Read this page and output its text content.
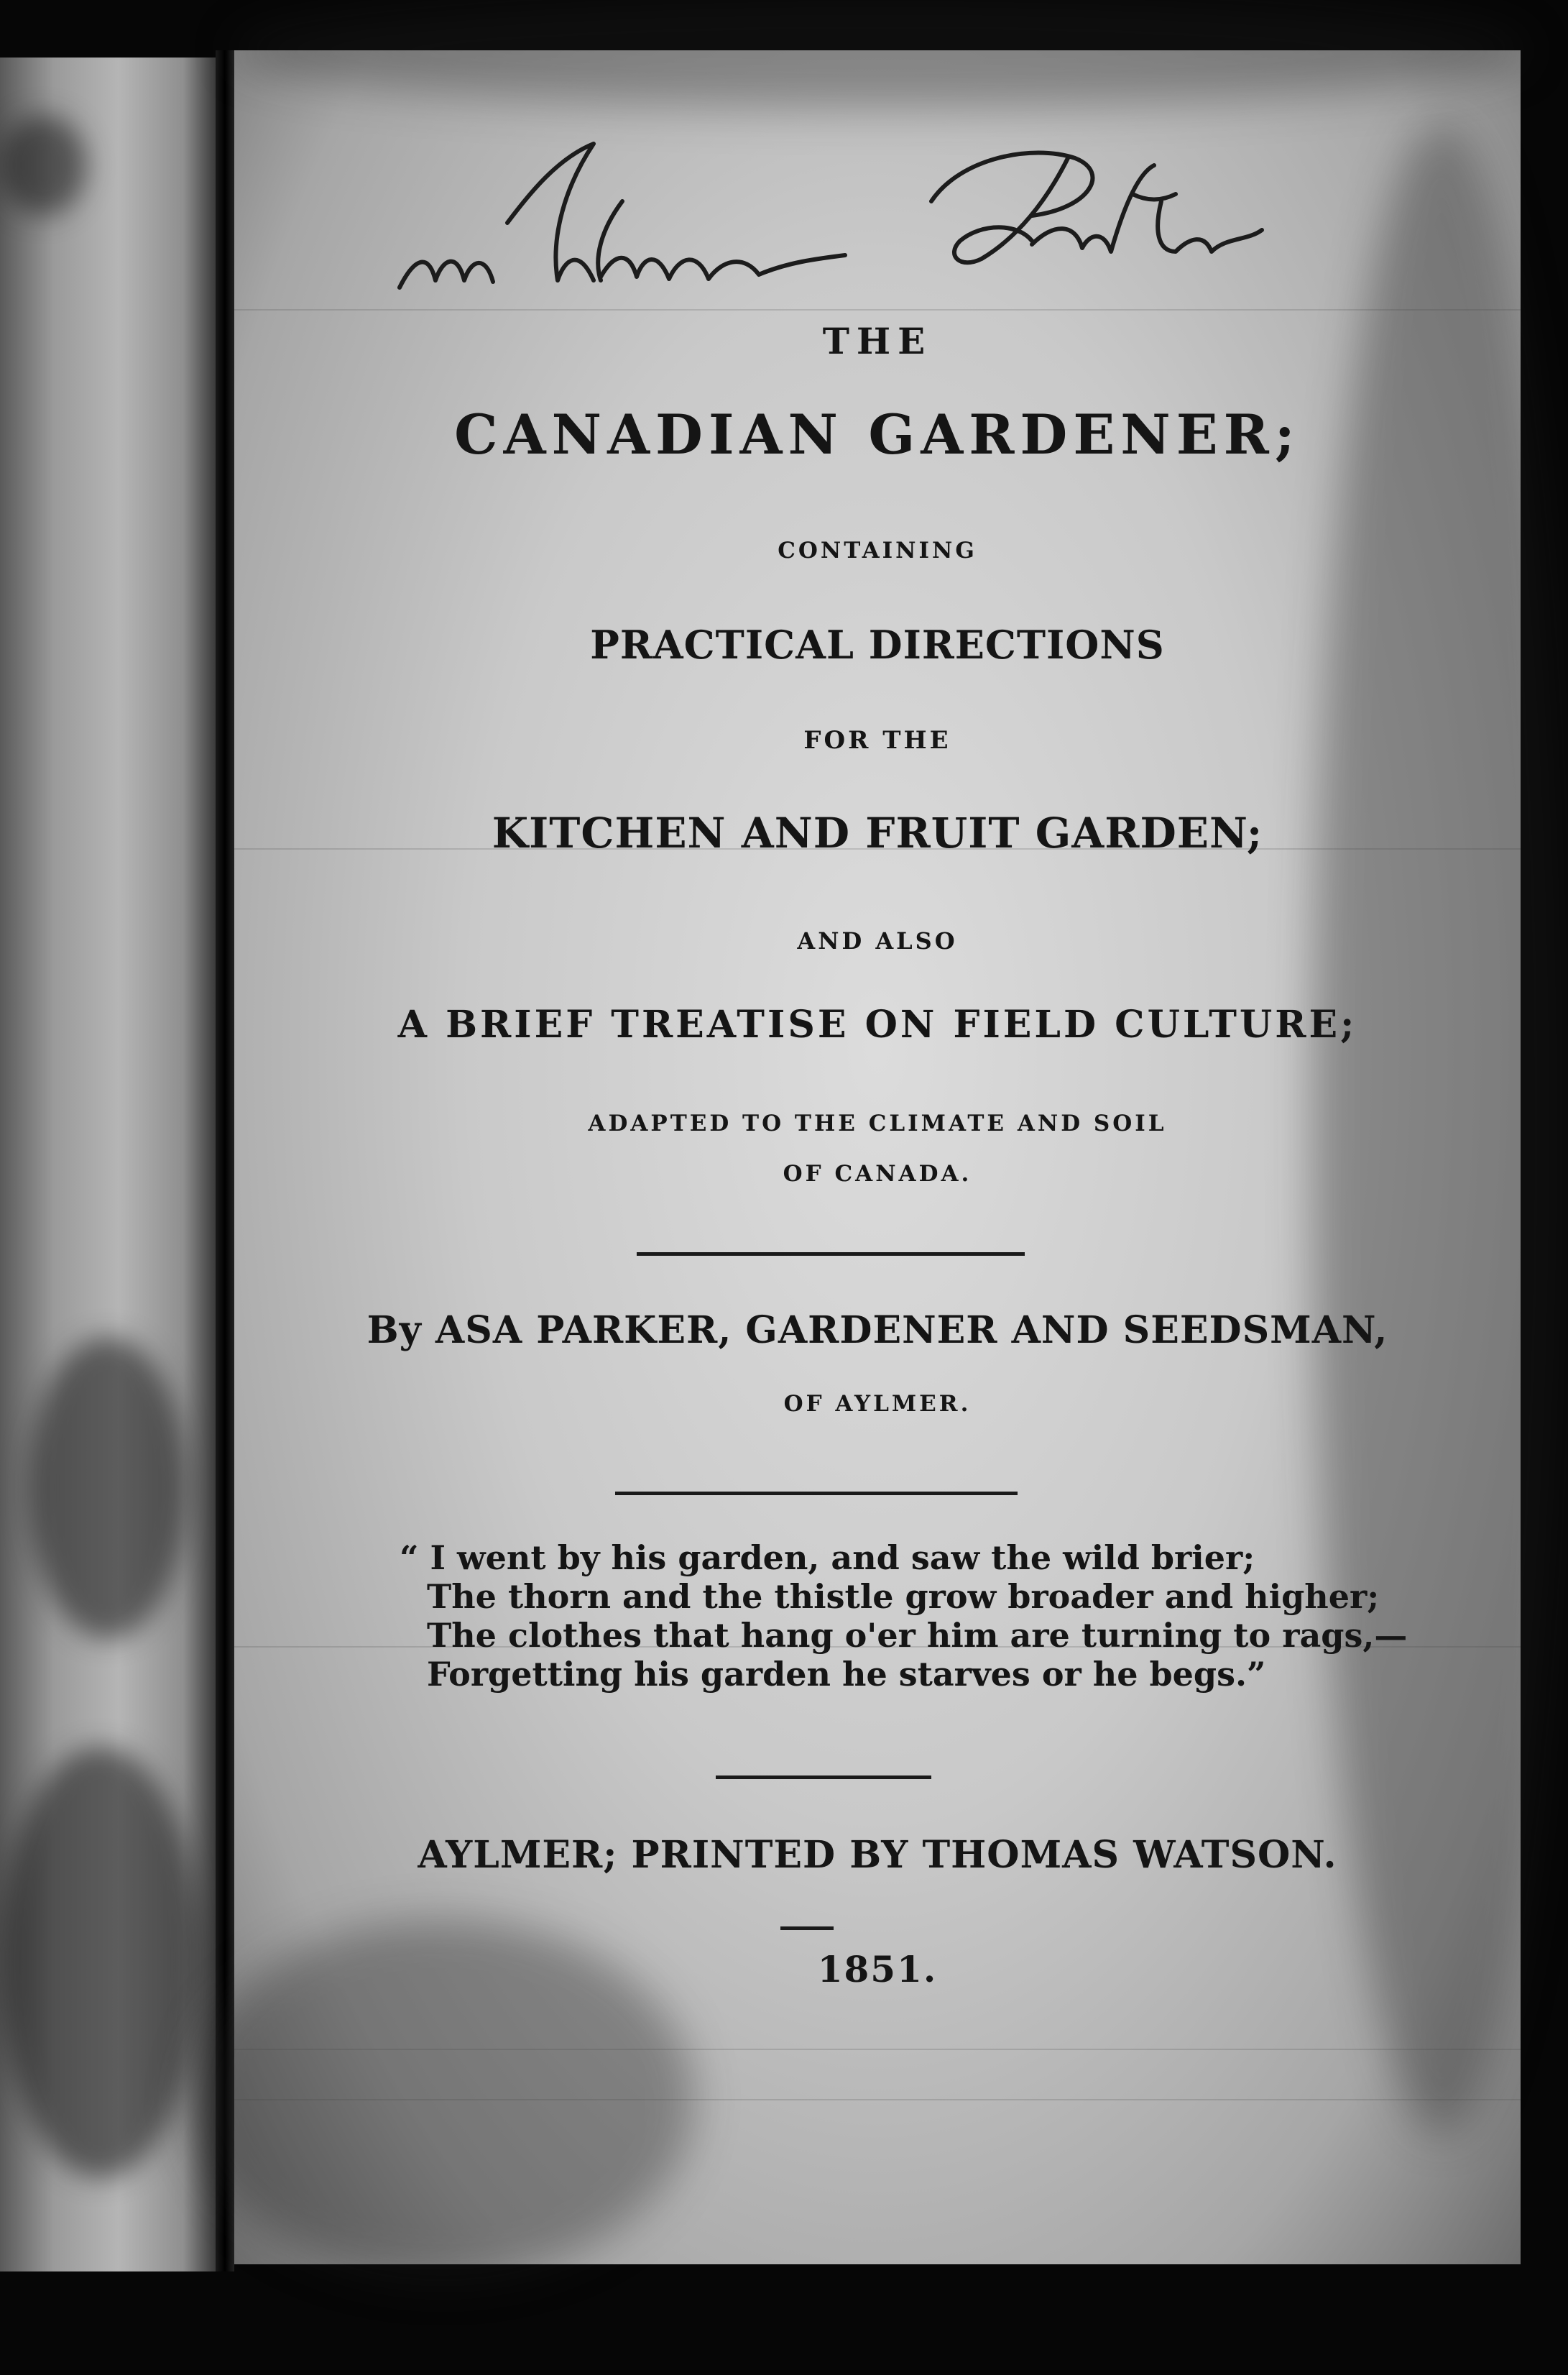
THE
CANADIAN GARDENER;
CONTAINING
PRACTICAL DIRECTIONS
FOR THE
KITCHEN AND FRUIT GARDEN;
AND ALSO
A BRIEF TREATISE ON FIELD CULTURE;
ADAPTED TO THE CLIMATE AND SOIL
OF CANADA.
By ASA PARKER, GARDENER AND SEEDSMAN,
OF AYLMER.
“ I went by his garden, and saw the wild brier;
The thorn and the thistle grow broader and higher;
The clothes that hang o'er him are turning to rags,—
Forgetting his garden he starves or he begs.”
AYLMER; PRINTED BY THOMAS WATSON.
1851.
